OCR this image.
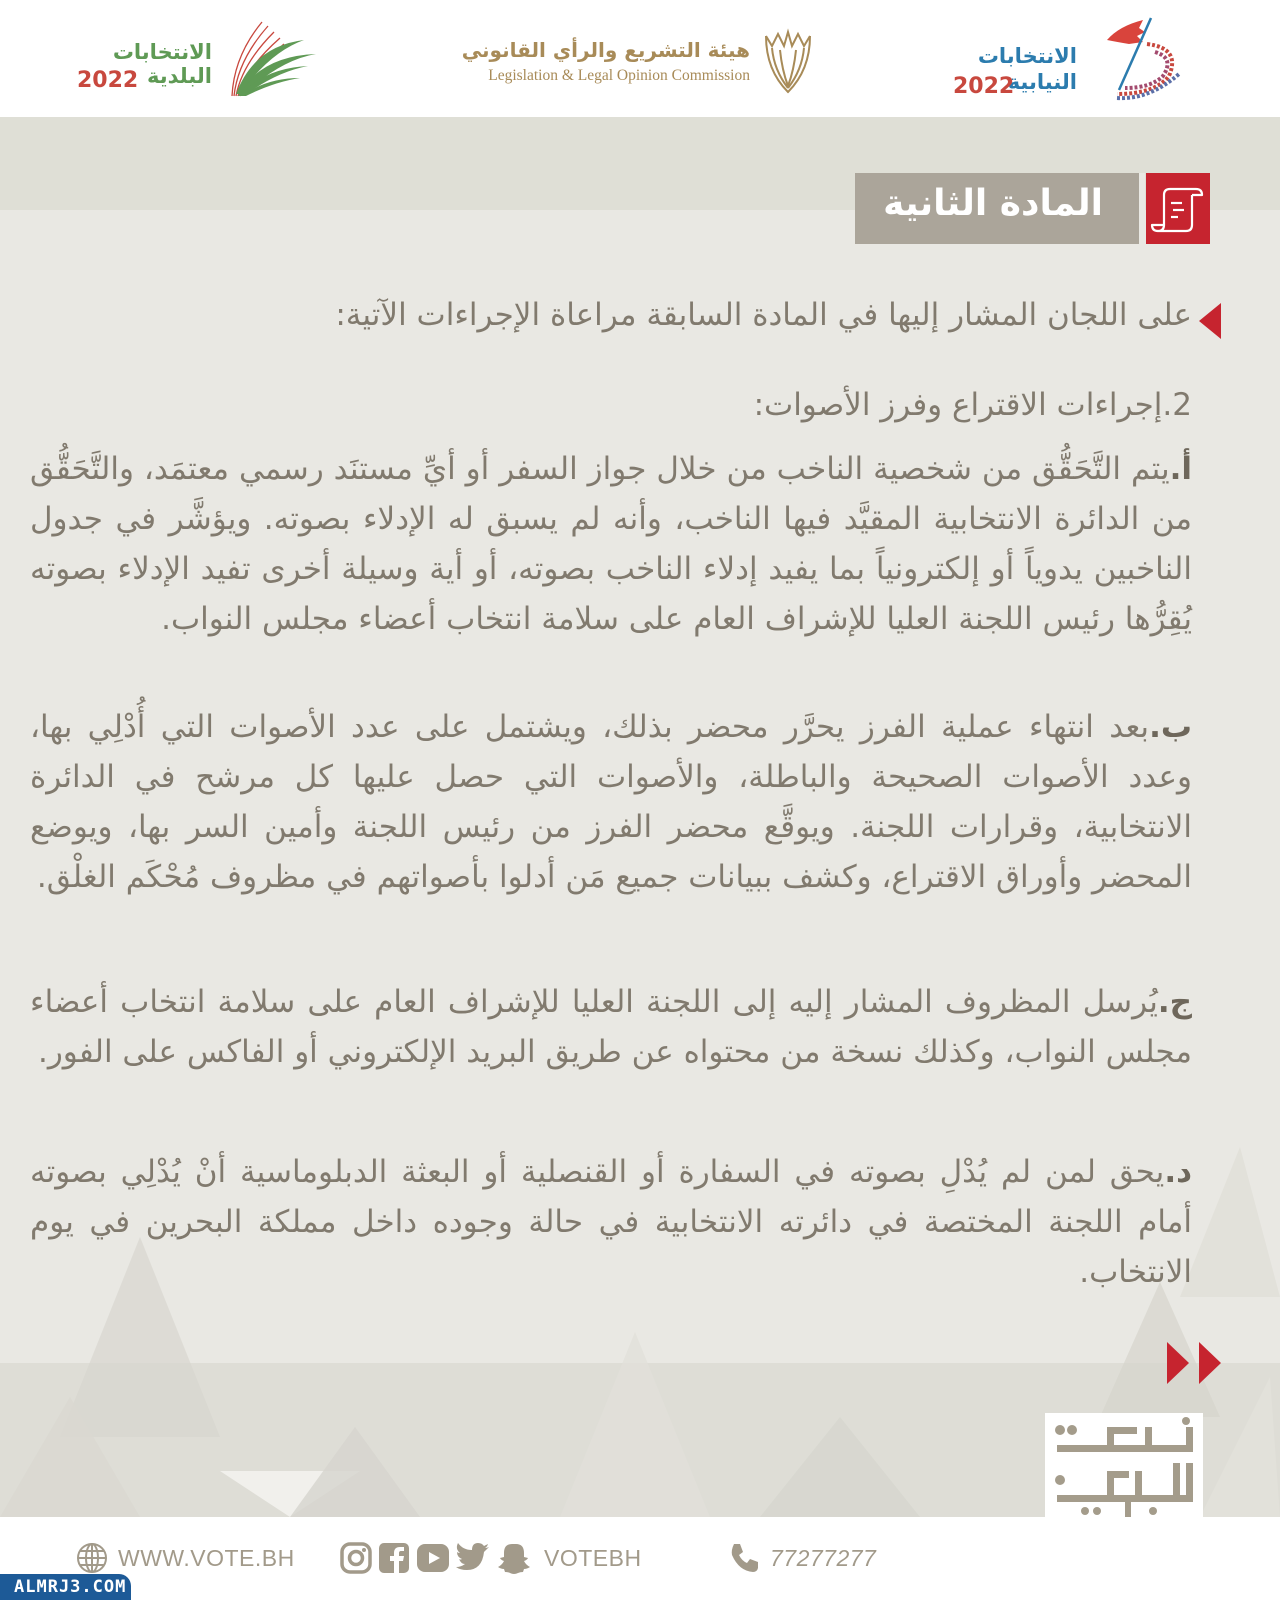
الانتخابات
البلدية
2022
هيئة التشريع والرأي القانوني
Legislation & Legal Opinion Commission
الانتخابات
النيابية
2022
المادة الثانية
على اللجان المشار إليها في المادة السابقة مراعاة الإجراءات الآتية:
2.إجراءات الاقتراع وفرز الأصوات:
أ.يتم التَّحَقُّق من شخصية الناخب من خلال جواز السفر أو أيِّ مستنَد رسمي معتمَد، والتَّحَقُّق من الدائرة الانتخابية المقيَّد فيها الناخب، وأنه لم يسبق له الإدلاء بصوته. ويؤشَّر في جدول الناخبين يدوياً أو إلكترونياً بما يفيد إدلاء الناخب بصوته، أو أية وسيلة أخرى تفيد الإدلاء بصوته يُقِرُّها رئيس اللجنة العليا للإشراف العام على سلامة انتخاب أعضاء مجلس النواب.
ب.بعد انتهاء عملية الفرز يحرَّر محضر بذلك، ويشتمل على عدد الأصوات التي أُدْلِي بها، وعدد الأصوات الصحيحة والباطلة، والأصوات التي حصل عليها كل مرشح في الدائرة الانتخابية، وقرارات اللجنة. ويوقَّع محضر الفرز من رئيس اللجنة وأمين السر بها، ويوضع المحضر وأوراق الاقتراع، وكشف ببيانات جميع مَن أدلوا بأصواتهم في مظروف مُحْكَم الغلْق.
ج.يُرسل المظروف المشار إليه إلى اللجنة العليا للإشراف العام على سلامة انتخاب أعضاء مجلس النواب، وكذلك نسخة من محتواه عن طريق البريد الإلكتروني أو الفاكس على الفور.
د.يحق لمن لم يُدْلِ بصوته في السفارة أو القنصلية أو البعثة الدبلوماسية أنْ يُدْلِي بصوته أمام اللجنة المختصة في دائرته الانتخابية في حالة وجوده داخل مملكة البحرين في يوم الانتخاب.
WWW.VOTE.BH	VOTEBH	77277277
ALMRJ3.COM
